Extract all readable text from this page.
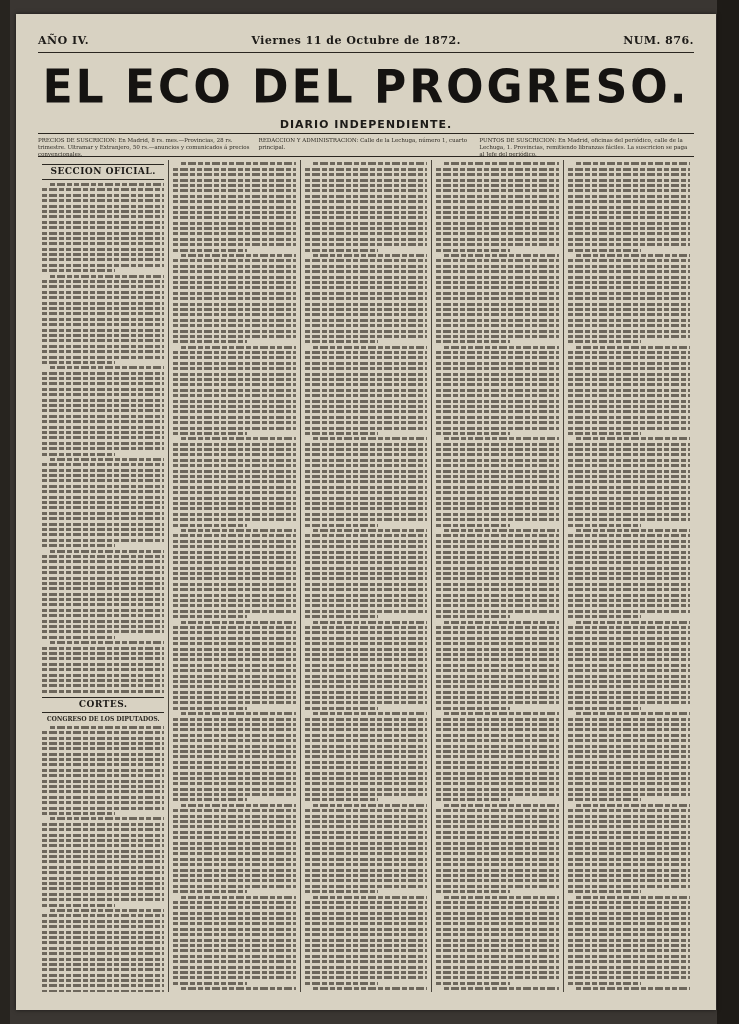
AÑO IV.	Viernes 11 de Octubre de 1872.	NUM. 876.
EL ECO DEL PROGRESO.
DIARIO INDEPENDIENTE.
PRECIOS DE SUSCRICION: En Madrid, 8 rs. mes.—Provincias, 28 rs. trimestre. Ultramar y Extranjero, 50 rs.—anuncios y comunicados á precios convencionales.
REDACCION Y ADMINISTRACION: Calle de la Lechuga, número 1, cuarto principal.
PUNTOS DE SUSCRICION: En Madrid, oficinas del periódico, calle de la Lechuga, 1. Provincias, remitiendo libranzas fáciles. La suscricion se paga al Jefe del periódico.
SECCION OFICIAL.
CORTES.
CONGRESO DE LOS DIPUTADOS.
